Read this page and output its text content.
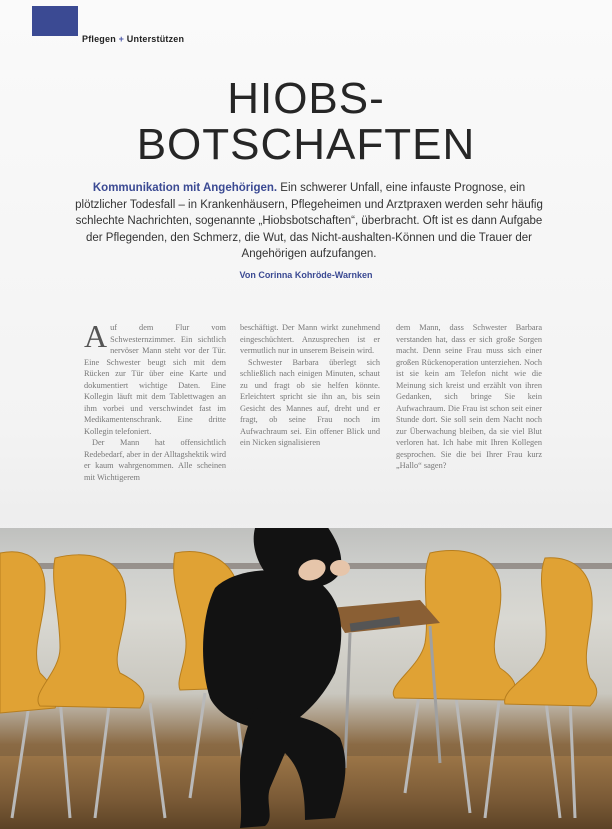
Pflegen + Unterstützen
HIOBS-
BOTSCHAFTEN

Kommunikation mit Angehörigen. Ein schwerer Unfall, eine infauste Prognose, ein plötzlicher Todesfall – in Krankenhäusern, Pflegeheimen und Arztpraxen werden sehr häufig schlechte Nachrichten, sogenannte „Hiobsbotschaften“, überbracht. Oft ist es dann Aufgabe der Pflegenden, den Schmerz, die Wut, das Nicht-aushalten-Können und die Trauer der Angehörigen aufzufangen.

Von Corinna Kohröde-Warnken

Auf dem Flur vom Schwesternzimmer. Ein sichtlich nervöser Mann steht vor der Tür. Eine Schwester beugt sich mit dem Rücken zur Tür über eine Karte und dokumentiert wichtige Daten. Eine Kollegin läuft mit dem Tablettwagen an ihm vorbei und verschwindet fast im Medikamentenschrank. Eine dritte Kollegin telefoniert.

Der Mann hat offensichtlich Redebedarf, aber in der Alltagshektik wird er kaum wahrgenommen. Alle scheinen mit Wichtigerem

beschäftigt. Der Mann wirkt zunehmend eingeschüchtert. Anzusprechen ist er vermutlich nur in unserem Beisein wird.

Schwester Barbara überlegt sich schließlich nach einigen Minuten, schaut zu und fragt ob sie helfen könnte. Erleichtert spricht sie ihn an, bis sein Gesicht des Mannes auf, dreht und er fragt, ob seine Frau noch im Aufwachraum sei. Ein offener Blick und ein Nicken signalisieren

dem Mann, dass Schwester Barbara verstanden hat, dass er sich große Sorgen macht. Denn seine Frau muss sich einer großen Rückenoperation unterziehen. Noch ist sie kein am Telefon nicht wie die Meinung sich kreist und erzählt von ihren Gedanken, sich bringe Sie kein Aufwachraum. Die Frau ist schon seit einer Stunde dort. Sie soll sein dem Nacht noch zur Überwachung bleiben, da sie viel Blut verloren hat. Ich habe mit Ihren Kollegen gesprochen. Sie die bei Ihrer Frau kurz „Hallo“ sagen?
